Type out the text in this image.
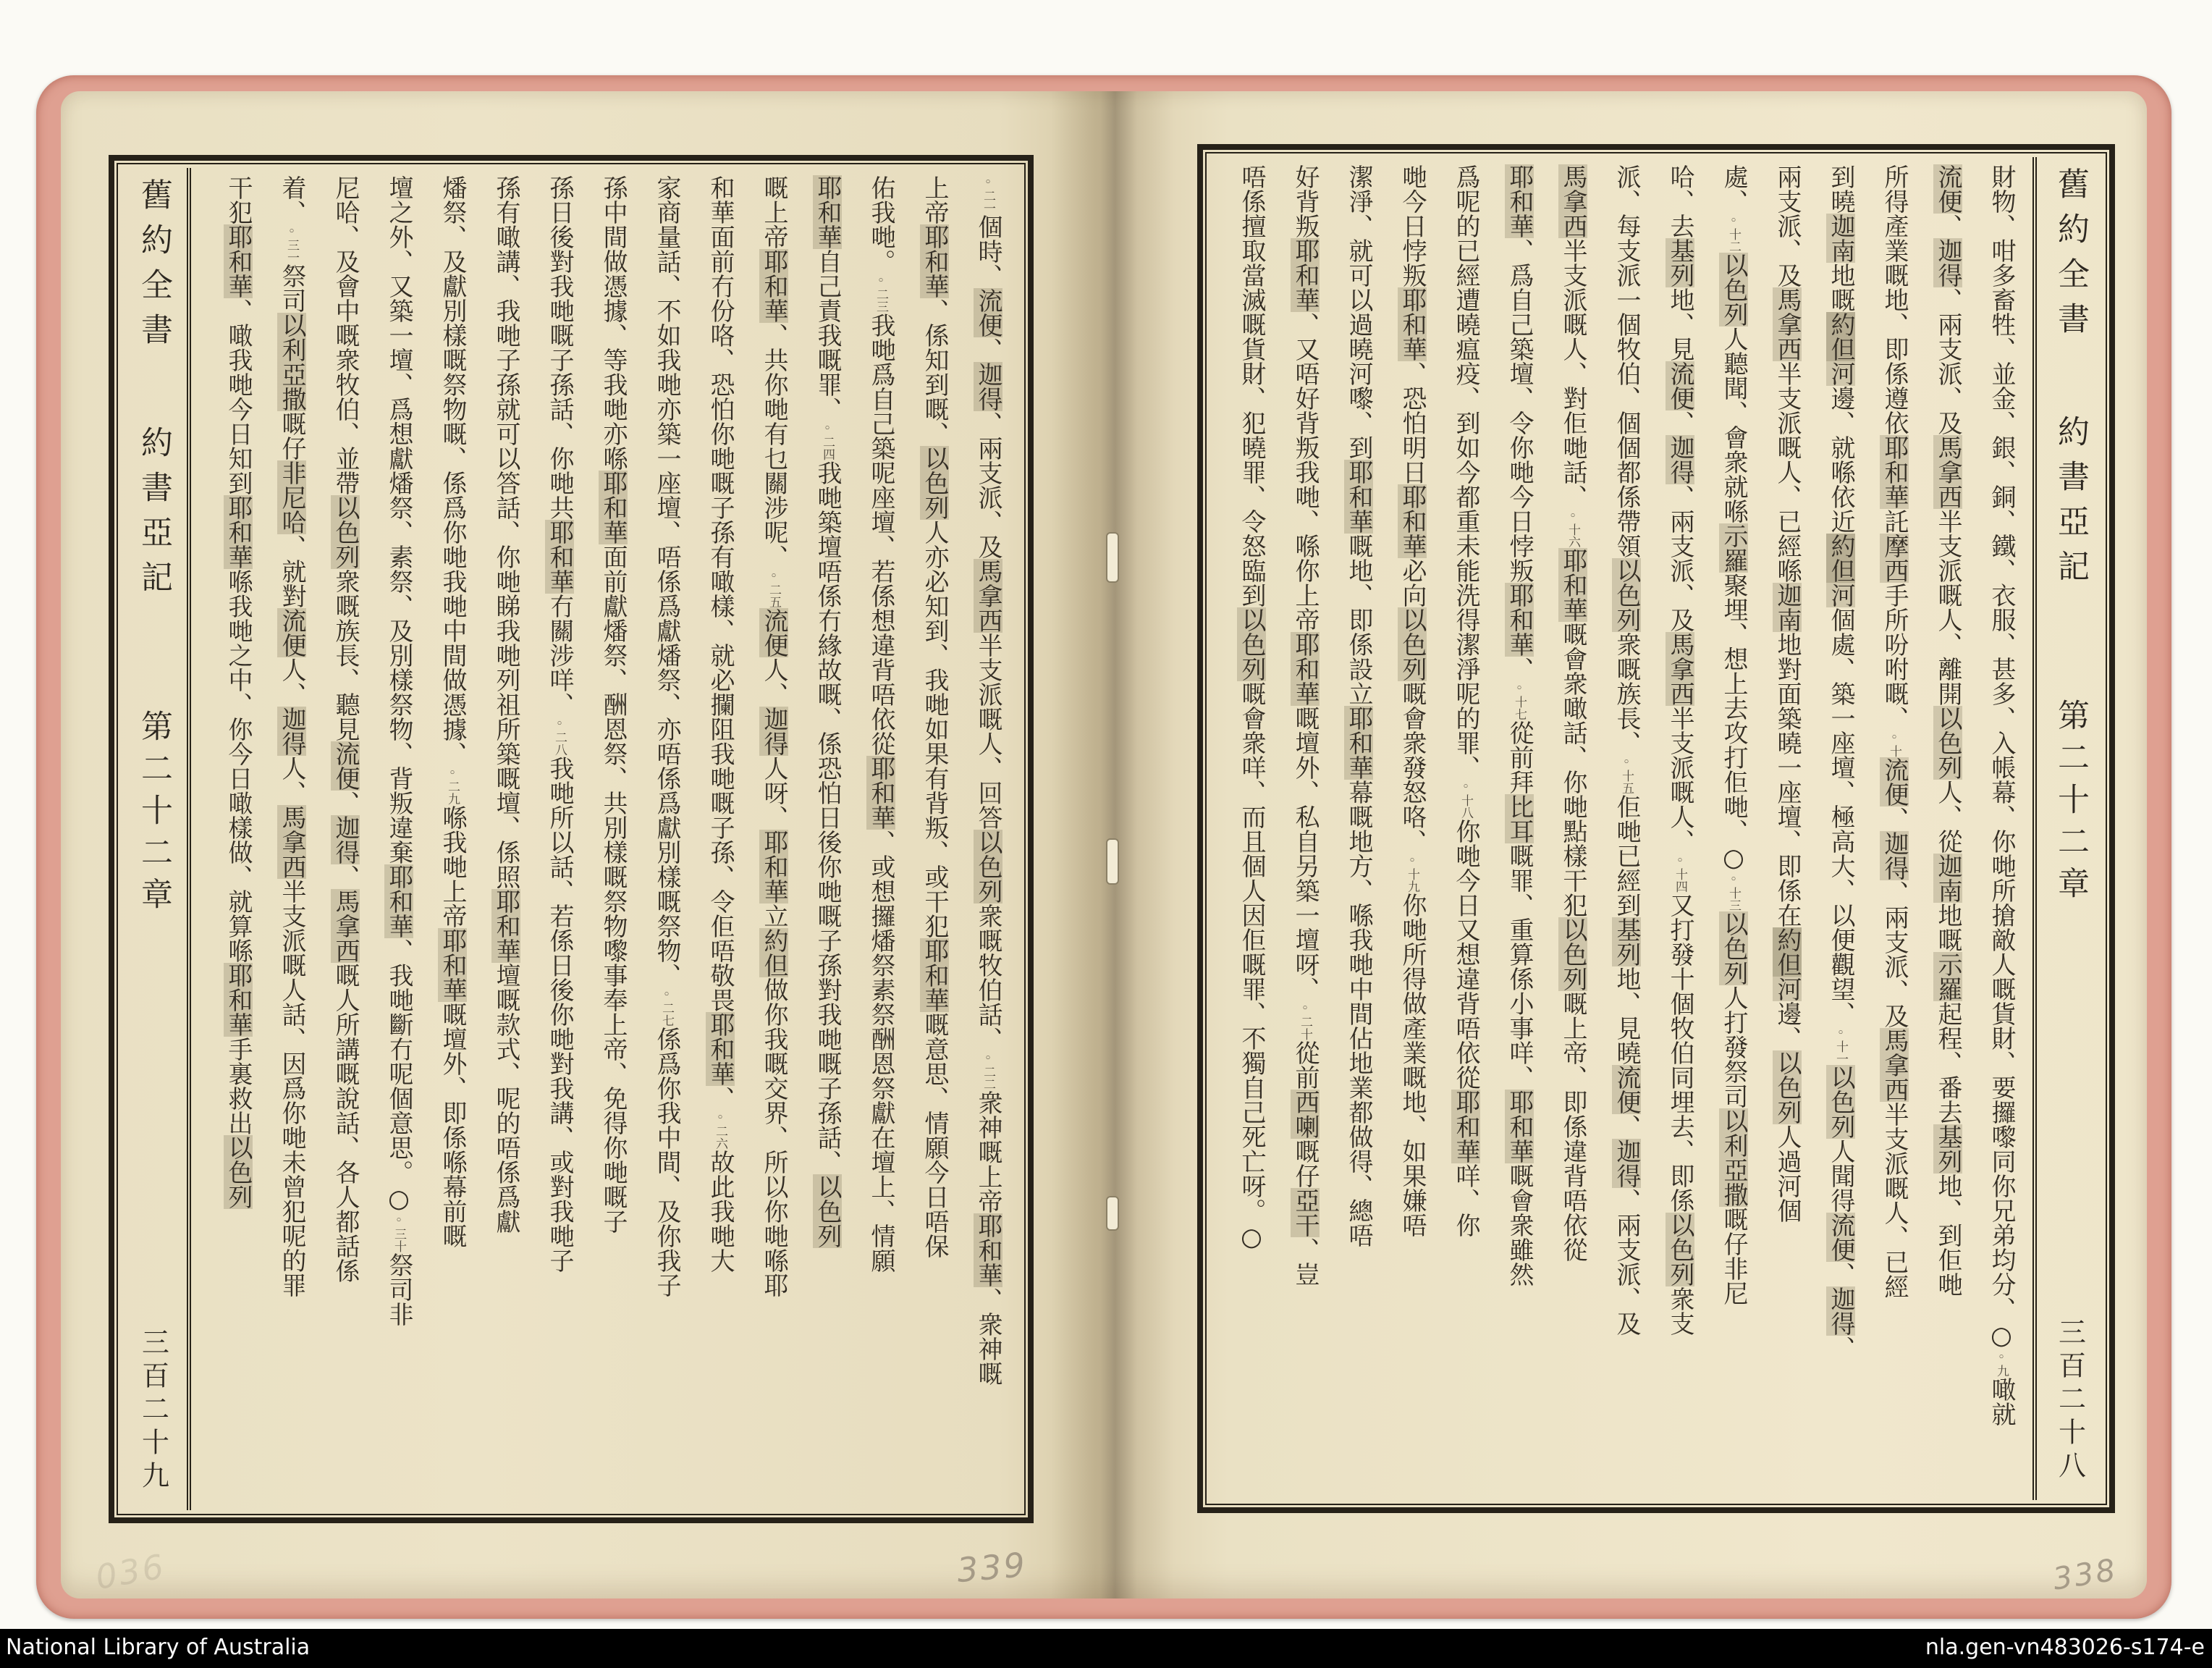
◦二一個時、流便、迦得、兩支派、及馬拿西半支派嘅人、回答以色列衆嘅牧伯話、◦二二衆神嘅上帝耶和華、衆神嘅
上帝耶和華、係知到嘅、以色列人亦必知到、我哋如果有背叛、或干犯耶和華嘅意思、情願今日唔保
佑我哋。◦二三我哋爲自己築呢座壇、若係想違背唔依從耶和華、或想攞燔祭素祭酬恩祭獻在壇上、情願
耶和華自己責我嘅罪、◦二四我哋築壇唔係冇緣故嘅、係恐怕日後你哋嘅子孫對我哋嘅子孫話、以色列
嘅上帝耶和華、共你哋有乜關涉呢、◦二五流便人、迦得人呀、耶和華立約但做你我嘅交界、所以你哋喺耶
和華面前冇份咯、恐怕你哋嘅子孫有噉樣、就必攔阻我哋嘅子孫、令佢唔敬畏耶和華、◦二六故此我哋大
家商量話、不如我哋亦築一座壇、唔係爲獻燔祭、亦唔係爲獻別樣嘅祭物、◦二七係爲你我中間、及你我子
孫中間做憑據、等我哋亦喺耶和華面前獻燔祭、酬恩祭、共別樣嘅祭物嚟事奉上帝、免得你哋嘅子
孫日後對我哋嘅子孫話、你哋共耶和華冇關涉咩、◦二八我哋所以話、若係日後你哋對我講、或對我哋子
孫有噉講、我哋子孫就可以答話、你哋睇我哋列祖所築嘅壇、係照耶和華壇嘅款式、呢的唔係爲獻
燔祭、及獻別樣嘅祭物嘅、係爲你哋我哋中間做憑據、◦二九喺我哋上帝耶和華嘅壇外、即係喺幕前嘅
壇之外、又築一壇、爲想獻燔祭、素祭、及別樣祭物、背叛違棄耶和華、我哋斷冇呢個意思。○◦三十祭司非
尼哈、及會中嘅衆牧伯、並帶以色列衆嘅族長、聽見流便、迦得、馬拿西嘅人所講嘅說話、各人都話係
着、◦三一祭司以利亞撒嘅仔非尼哈、就對流便人、迦得人、馬拿西半支派嘅人話、因爲你哋未曾犯呢的罪
干犯耶和華、噉我哋今日知到耶和華喺我哋之中、你今日噉樣做、就算喺耶和華手裏救出以色列
舊約全書
約書亞記
第二十二章
三百二十九
財物、咁多畜牲、並金、銀、銅、鐵、衣服、甚多、入帳幕、你哋所搶敵人嘅貨財、要攞嚟同你兄弟均分、○◦九噉就
流便、迦得、兩支派、及馬拿西半支派嘅人、離開以色列人、從迦南地嘅示羅起程、番去基列地、到佢哋
所得產業嘅地、即係遵依耶和華託摩西手所吩咐嘅、◦十流便、迦得、兩支派、及馬拿西半支派嘅人、已經
到曉迦南地嘅約但河邊、就喺依近約但河個處、築一座壇、極高大、以便觀望、◦十一以色列人聞得流便、迦得、
兩支派、及馬拿西半支派嘅人、已經喺迦南地對面築曉一座壇、即係在約但河邊、以色列人過河個
處、◦十二以色列人聽聞、會衆就喺示羅聚埋、想上去攻打佢哋、○◦十三以色列人打發祭司以利亞撒嘅仔非尼
哈、去基列地、見流便、迦得、兩支派、及馬拿西半支派嘅人、◦十四又打發十個牧伯同埋去、即係以色列衆支
派、每支派一個牧伯、個個都係帶領以色列衆嘅族長、◦十五佢哋已經到基列地、見曉流便、迦得、兩支派、及
馬拿西半支派嘅人、對佢哋話、◦十六耶和華嘅會衆噉話、你哋點樣干犯以色列嘅上帝、即係違背唔依從
耶和華、爲自己築壇、令你哋今日悖叛耶和華、◦十七從前拜比耳嘅罪、重算係小事咩、耶和華嘅會衆雖然
爲呢的已經遭曉瘟疫、到如今都重未能洗得潔淨呢的罪、◦十八你哋今日又想違背唔依從耶和華咩、你
哋今日悖叛耶和華、恐怕明日耶和華必向以色列嘅會衆發怒咯、◦十九你哋所得做產業嘅地、如果嫌唔
潔淨、就可以過曉河嚟、到耶和華嘅地、即係設立耶和華幕嘅地方、喺我哋中間佔地業都做得、總唔
好背叛耶和華、又唔好背叛我哋、喺你上帝耶和華嘅壇外、私自另築一壇呀、◦二十從前西喇嘅仔亞干、豈
唔係擅取當滅嘅貨財、犯曉罪、令怒臨到以色列嘅會衆咩、而且個人因佢嘅罪、不獨自己死亡呀。○
舊約全書
約書亞記
第二十二章
三百二十八
339	338
036
National Library of Australia	nla.gen-vn483026-s174-e
